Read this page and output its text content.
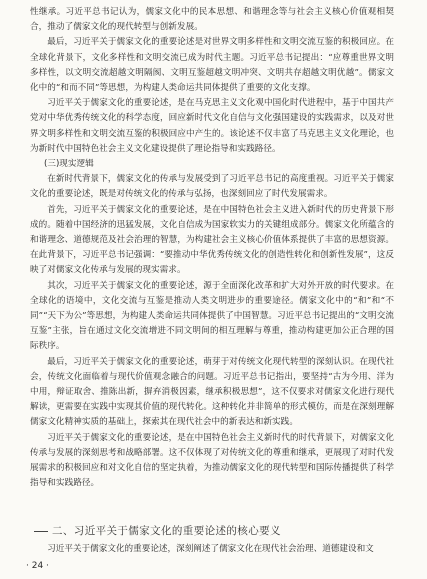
性继承。习近平总书记认为，儒家文化中的民本思想、和谐理念等与社会主义核心价值观相契合，推动了儒家文化的现代转型与创新发展。

最后，习近平关于儒家文化的重要论述是对世界文明多样性和文明交流互鉴的积极回应。在全球化背景下，文化多样性和文明交流已成为时代主题。习近平总书记提出：“应尊重世界文明多样性，以文明交流超越文明隔阂、文明互鉴超越文明冲突、文明共存超越文明优越”。儒家文化中的“和而不同”等思想，为构建人类命运共同体提供了重要的文化支撑。

习近平关于儒家文化的重要论述，是在马克思主义文化观中国化时代进程中，基于中国共产党对中华优秀传统文化的科学态度，回应新时代文化自信与文化强国建设的实践需求，以及对世界文明多样性和文明交流互鉴的积极回应中产生的。该论述不仅丰富了马克思主义文化理论，也为新时代中国特色社会主义文化建设提供了理论指导和实践路径。

(三)现实逻辑

在新时代背景下，儒家文化的传承与发展受到了习近平总书记的高度重视。习近平关于儒家文化的重要论述，既是对传统文化的传承与弘扬，也深刻回应了时代发展需求。

首先，习近平关于儒家文化的重要论述，是在中国特色社会主义进入新时代的历史背景下形成的。随着中国经济的迅猛发展，文化自信成为国家软实力的关键组成部分。儒家文化所蕴含的和谐理念、道德规范及社会治理的智慧，为构建社会主义核心价值体系提供了丰富的思想资源。在此背景下，习近平总书记强调：“要推动中华优秀传统文化的创造性转化和创新性发展”，这反映了对儒家文化传承与发展的现实需求。

其次，习近平关于儒家文化的重要论述，源于全面深化改革和扩大对外开放的时代要求。在全球化的语境中，文化交流与互鉴是推动人类文明进步的重要途径。儒家文化中的“和”和“不同”“天下为公”等思想，为构建人类命运共同体提供了中国智慧。习近平总书记提出的“文明交流互鉴”主张，旨在通过文化交流增进不同文明间的相互理解与尊重，推动构建更加公正合理的国际秩序。

最后，习近平关于儒家文化的重要论述，萌芽于对传统文化现代转型的深刻认识。在现代社会，传统文化面临着与现代价值观念融合的问题。习近平总书记指出，要坚持“古为今用、洋为中用，辩证取舍、推陈出新，摒弃消极因素，继承积极思想”，这不仅要求对儒家文化进行现代解读，更需要在实践中实现其价值的现代转化。这种转化并非简单的形式模仿，而是在深刻理解儒家文化精神实质的基础上，探索其在现代社会中的新表达和新实践。

习近平关于儒家文化的重要论述，是在中国特色社会主义新时代的时代背景下，对儒家文化传承与发展的深刻思考和战略部署。这不仅体现了对传统文化的尊重和继承，更展现了对时代发展需求的积极回应和对文化自信的坚定执着，为推动儒家文化的现代转型和国际传播提供了科学指导和实践路径。

二、习近平关于儒家文化的重要论述的核心要义
习近平关于儒家文化的重要论述，深刻阐述了儒家文化在现代社会治理、道德建设和文
· 24 ·
